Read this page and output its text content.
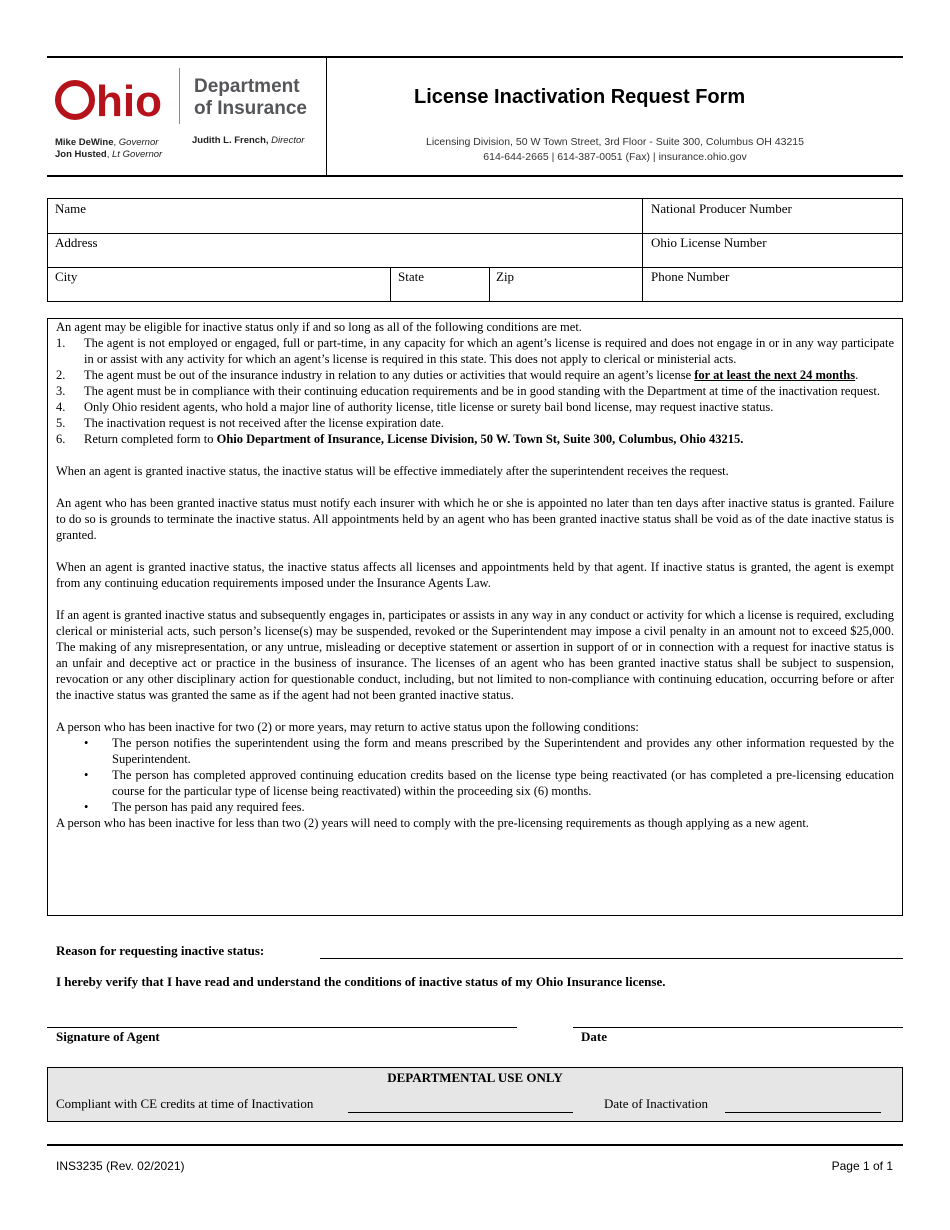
hio Department
of Insurance
Mike DeWine, Governor
Jon Husted, Lt Governor
Judith L. French, Director
License Inactivation Request Form
Licensing Division, 50 W Town Street, 3rd Floor - Suite 300, Columbus OH 43215
614-644-2665 | 614-387-0051 (Fax) | insurance.ohio.gov
Name	National Producer Number
Address	Ohio License Number
City	State	Zip	Phone Number

An agent may be eligible for inactive status only if and so long as all of the following conditions are met.

1.	The agent is not employed or engaged, full or part-time, in any capacity for which an agent’s license is required and does not engage in or in any way participate in or assist with any activity for which an agent’s license is required in this state. This does not apply to clerical or ministerial acts.
2.	The agent must be out of the insurance industry in relation to any duties or activities that would require an agent’s license for at least the next 24 months.
3.	The agent must be in compliance with their continuing education requirements and be in good standing with the Department at time of the inactivation request.
4.	Only Ohio resident agents, who hold a major line of authority license, title license or surety bail bond license, may request inactive status.
5.	The inactivation request is not received after the license expiration date.
6.	Return completed form to Ohio Department of Insurance, License Division, 50 W. Town St, Suite 300, Columbus, Ohio 43215.

When an agent is granted inactive status, the inactive status will be effective immediately after the superintendent receives the request.

An agent who has been granted inactive status must notify each insurer with which he or she is appointed no later than ten days after inactive status is granted. Failure to do so is grounds to terminate the inactive status. All appointments held by an agent who has been granted inactive status shall be void as of the date inactive status is granted.

When an agent is granted inactive status, the inactive status affects all licenses and appointments held by that agent. If inactive status is granted, the agent is exempt from any continuing education requirements imposed under the Insurance Agents Law.

If an agent is granted inactive status and subsequently engages in, participates or assists in any way in any conduct or activity for which a license is required, excluding clerical or ministerial acts, such person’s license(s) may be suspended, revoked or the Superintendent may impose a civil penalty in an amount not to exceed $25,000. The making of any misrepresentation, or any untrue, misleading or deceptive statement or assertion in support of or in connection with a request for inactive status is an unfair and deceptive act or practice in the business of insurance. The licenses of an agent who has been granted inactive status shall be subject to suspension, revocation or any other disciplinary action for questionable conduct, including, but not limited to non-compliance with continuing education, occurring before or after the inactive status was granted the same as if the agent had not been granted inactive status.

A person who has been inactive for two (2) or more years, may return to active status upon the following conditions:

•	The person notifies the superintendent using the form and means prescribed by the Superintendent and provides any other information requested by the Superintendent.
•	The person has completed approved continuing education credits based on the license type being reactivated (or has completed a pre-licensing education course for the particular type of license being reactivated) within the proceeding six (6) months.
•	The person has paid any required fees.

A person who has been inactive for less than two (2) years will need to comply with the pre-licensing requirements as though applying as a new agent.

Reason for requesting inactive status:
I hereby verify that I have read and understand the conditions of inactive status of my Ohio Insurance license.
Signature of Agent	Date
DEPARTMENTAL USE ONLY
Compliant with CE credits at time of Inactivation	Date of Inactivation
INS3235 (Rev. 02/2021)	Page 1 of 1
